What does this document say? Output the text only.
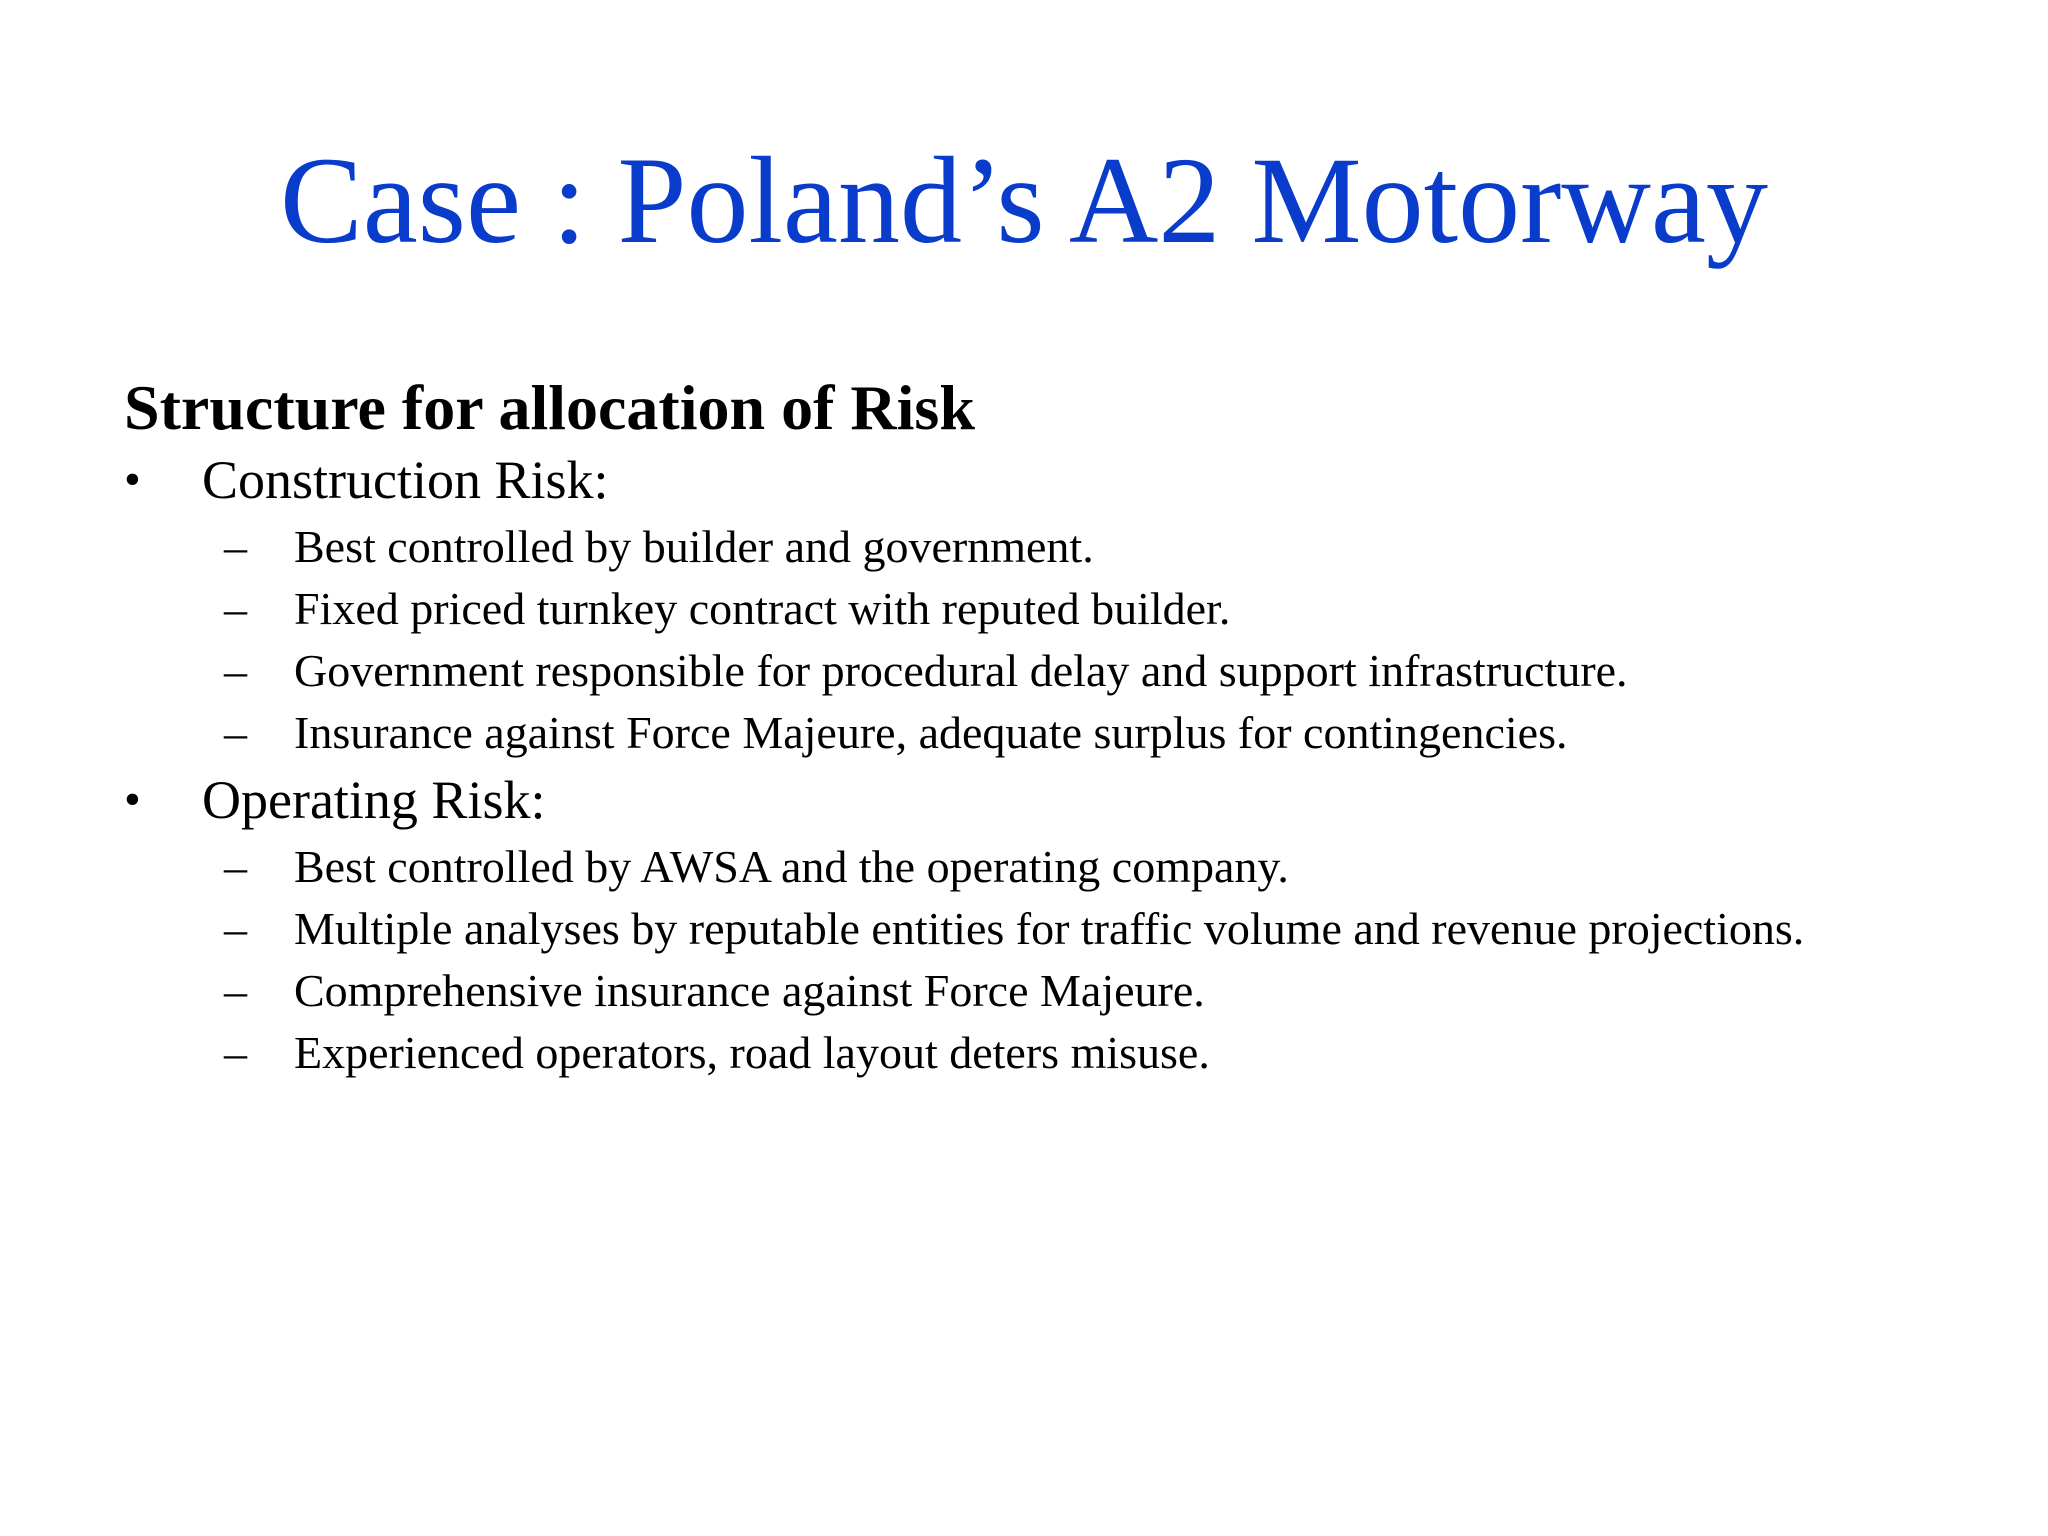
Case : Poland’s A2 Motorway
Structure for allocation of Risk
•	Construction Risk:
–	Best controlled by builder and government.
–	Fixed priced turnkey contract with reputed builder.
–	Government responsible for procedural delay and support infrastructure.
–	Insurance against Force Majeure, adequate surplus for contingencies.
•	Operating Risk:
–	Best controlled by AWSA and the operating company.
–	Multiple analyses by reputable entities for traffic volume and revenue projections.
–	Comprehensive insurance against Force Majeure.
–	Experienced operators, road layout deters misuse.
